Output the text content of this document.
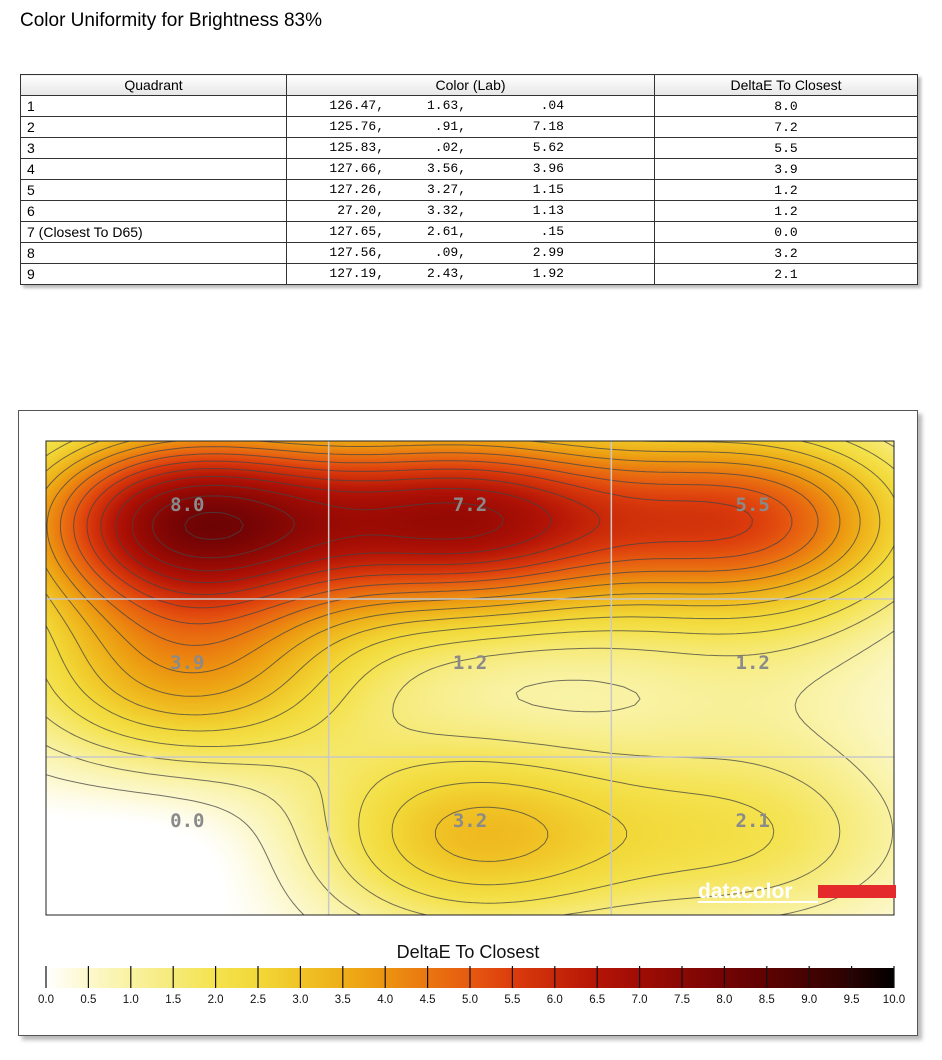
Color Uniformity for Brightness 83%
Quadrant	Color (Lab)	DeltaE To Closest
1	126.47, 1.63, .04	8.0
2	125.76, .91, 7.18	7.2
3	125.83, .02, 5.62	5.5
4	127.66, 3.56, 3.96	3.9
5	127.26, 3.27, 1.15	1.2
6	27.20, 3.32, 1.13	1.2
7 (Closest To D65)	127.65, 2.61, .15	0.0
8	127.56, .09, 2.99	3.2
9	127.19, 2.43, 1.92	2.1
8.0	7.2	5.5
3.9	1.2	1.2
0.0	3.2	2.1
datacolor
DeltaE To Closest
0.0 0.5 1.0 1.5 2.0 2.5 3.0 3.5 4.0 4.5 5.0 5.5 6.0 6.5 7.0 7.5 8.0 8.5 9.0 9.5 10.0
